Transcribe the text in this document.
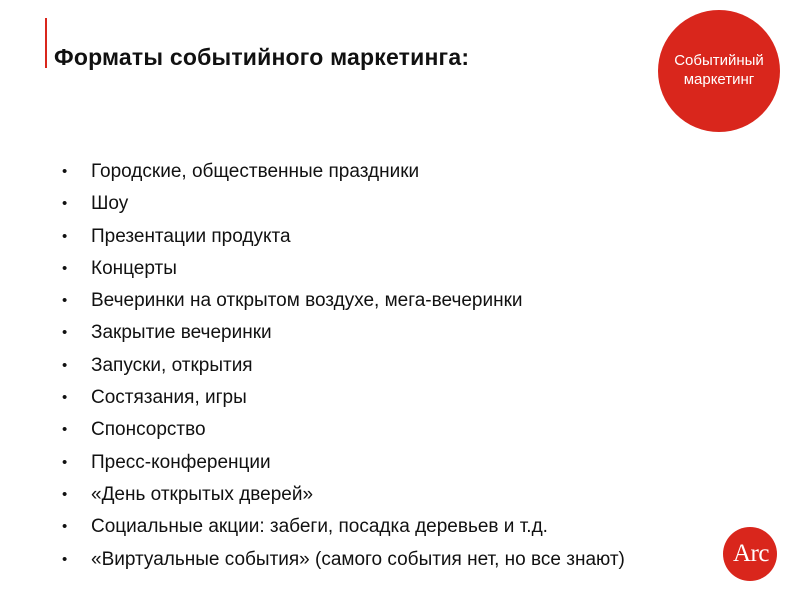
Форматы событийного маркетинга:	Событийный
маркетинг
• Городские, общественные праздники
• Шоу
• Презентации продукта
• Концерты
• Вечеринки на открытом воздухе, мега-вечеринки
• Закрытие вечеринки
• Запуски, открытия
• Состязания, игры
• Спонсорство
• Пресс-конференции
• «День открытых дверей»
• Социальные акции: забеги, посадка деревьев и т.д.
• «Виртуальные события» (самого события нет, но все знают)	Arc
